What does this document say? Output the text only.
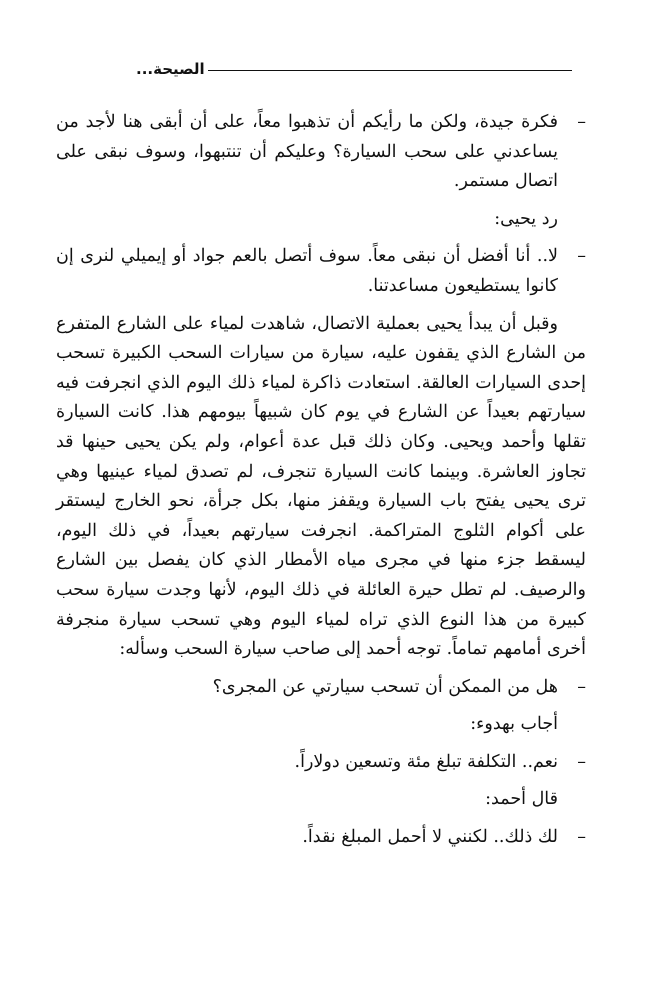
الصيحة...

– فكرة جيدة، ولكن ما رأيكم أن تذهبوا معاً، على أن أبقى هنا لأجد من يساعدني على سحب السيارة؟ وعليكم أن تنتبهوا، وسوف نبقى على اتصال مستمر.

رد يحيى:

– لا.. أنا أفضل أن نبقى معاً. سوف أتصل بالعم جواد أو إيميلي لنرى إن كانوا يستطيعون مساعدتنا.

وقبل أن يبدأ يحيى بعملية الاتصال، شاهدت لمياء على الشارع المتفرع من الشارع الذي يقفون عليه، سيارة من سيارات السحب الكبيرة تسحب إحدى السيارات العالقة. استعادت ذاكرة لمياء ذلك اليوم الذي انجرفت فيه سيارتهم بعيداً عن الشارع في يوم كان شبيهاً بيومهم هذا. كانت السيارة تقلها وأحمد ويحيى. وكان ذلك قبل عدة أعوام، ولم يكن يحيى حينها قد تجاوز العاشرة. وبينما كانت السيارة تنجرف، لم تصدق لمياء عينيها وهي ترى يحيى يفتح باب السيارة ويقفز منها، بكل جرأة، نحو الخارج ليستقر على أكوام الثلوج المتراكمة. انجرفت سيارتهم بعيداً، في ذلك اليوم، ليسقط جزء منها في مجرى مياه الأمطار الذي كان يفصل بين الشارع والرصيف. لم تطل حيرة العائلة في ذلك اليوم، لأنها وجدت سيارة سحب كبيرة من هذا النوع الذي تراه لمياء اليوم وهي تسحب سيارة منجرفة أخرى أمامهم تماماً. توجه أحمد إلى صاحب سيارة السحب وسأله:

– هل من الممكن أن تسحب سيارتي عن المجرى؟

أجاب بهدوء:

– نعم.. التكلفة تبلغ مئة وتسعين دولاراً.

قال أحمد:

– لك ذلك.. لكنني لا أحمل المبلغ نقداً.
